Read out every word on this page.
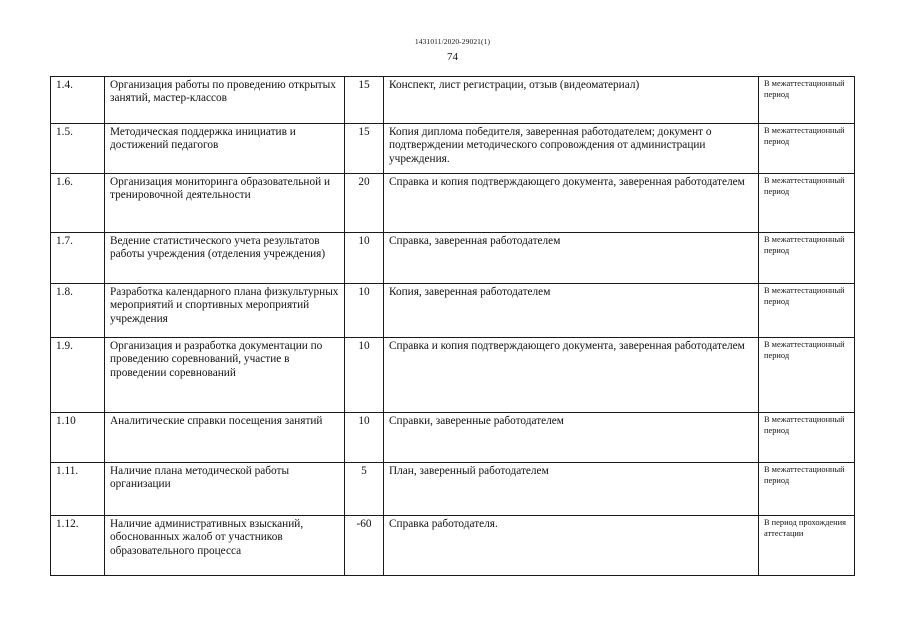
1431011/2020-29021(1)
74
1.4.	Организация работы по проведению открытых занятий, мастер-классов	15	Конспект, лист регистрации, отзыв (видеоматериал)	В межаттестационный период
1.5.	Методическая поддержка инициатив и достижений педагогов	15	Копия диплома победителя, заверенная работодателем; документ о подтверждении методического сопровождения от администрации учреждения.	В межаттестационный период
1.6.	Организация мониторинга образовательной и тренировочной деятельности	20	Справка и копия подтверждающего документа, заверенная работодателем	В межаттестационный период
1.7.	Ведение статистического учета результатов работы учреждения (отделения учреждения)	10	Справка, заверенная работодателем	В межаттестационный период
1.8.	Разработка календарного плана физкультурных мероприятий и спортивных мероприятий учреждения	10	Копия, заверенная работодателем	В межаттестационный период
1.9.	Организация и разработка документации по проведению соревнований, участие в проведении соревнований	10	Справка и копия подтверждающего документа, заверенная работодателем	В межаттестационный период
1.10	Аналитические справки посещения занятий	10	Справки, заверенные работодателем	В межаттестационный период
1.11.	Наличие плана методической работы организации	5	План, заверенный работодателем	В межаттестационный период
1.12.	Наличие административных взысканий, обоснованных жалоб от участников образовательного процесса	-60	Справка работодателя.	В период прохождения аттестации
